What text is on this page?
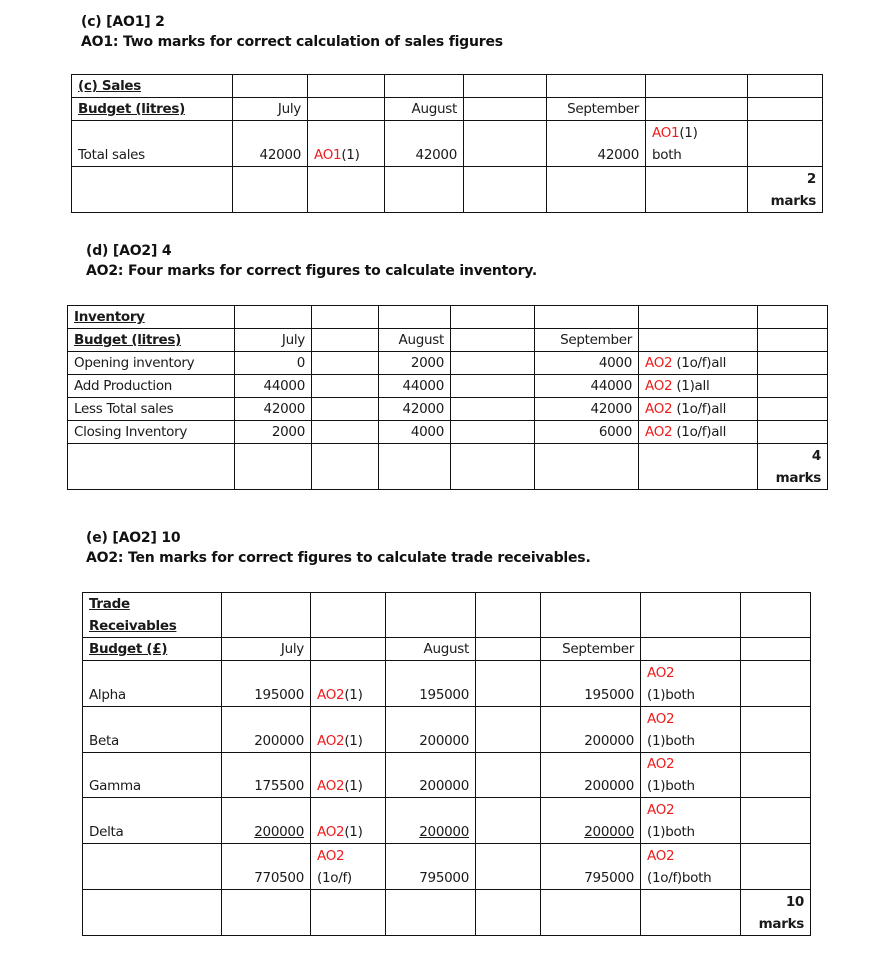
(c) [AO1] 2
AO1: Two marks for correct calculation of sales figures
(c) Sales							
Budget (litres)	July		August		September		
Total sales	42000	AO1(1)	42000		42000	AO1(1)
both	

							2
marks
(d) [AO2] 4
AO2: Four marks for correct figures to calculate inventory.
Inventory							
Budget (litres)	July		August		September		
Opening inventory	0		2000		4000	AO2 (1o/f)all	
Add Production	44000		44000		44000	AO2 (1)all	
Less Total sales	42000		42000		42000	AO2 (1o/f)all	
Closing Inventory	2000		4000		6000	AO2 (1o/f)all	

							4
marks
(e) [AO2] 10
AO2: Ten marks for correct figures to calculate trade receivables.
Trade
Receivables							
Budget (£)	July		August		September		
Alpha	195000	AO2(1)	195000		195000	AO2
(1)both	
Beta	200000	AO2(1)	200000		200000	AO2
(1)both	
Gamma	175500	AO2(1)	200000		200000	AO2
(1)both	
Delta	200000	AO2(1)	200000		200000	AO2
(1)both	
	770500	AO2
(1o/f)	795000		795000	AO2
(1o/f)both	

							10
marks
